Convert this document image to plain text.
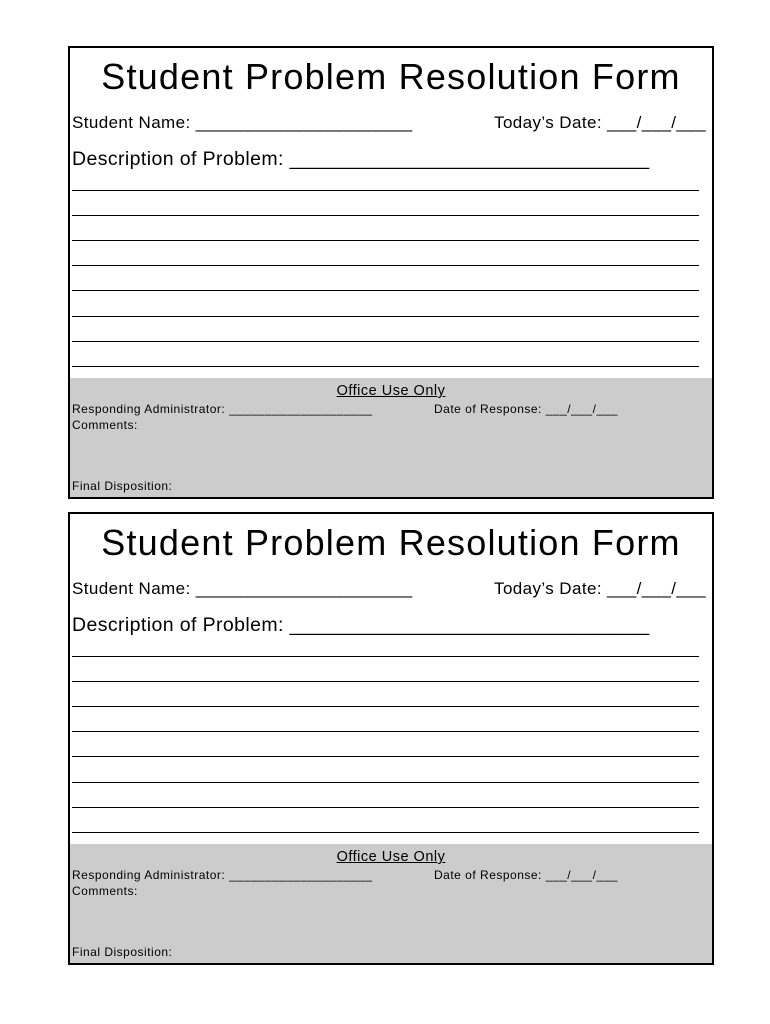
Student Problem Resolution Form
Student Name: ______________________	Today’s Date: ___/___/___
Description of Problem: ________________________________
Office Use Only
Responding Administrator: ____________________	Date of Response: ___/___/___
Comments:
Final Disposition:
Student Problem Resolution Form
Student Name: ______________________	Today’s Date: ___/___/___
Description of Problem: ________________________________
Office Use Only
Responding Administrator: ____________________	Date of Response: ___/___/___
Comments:
Final Disposition:
